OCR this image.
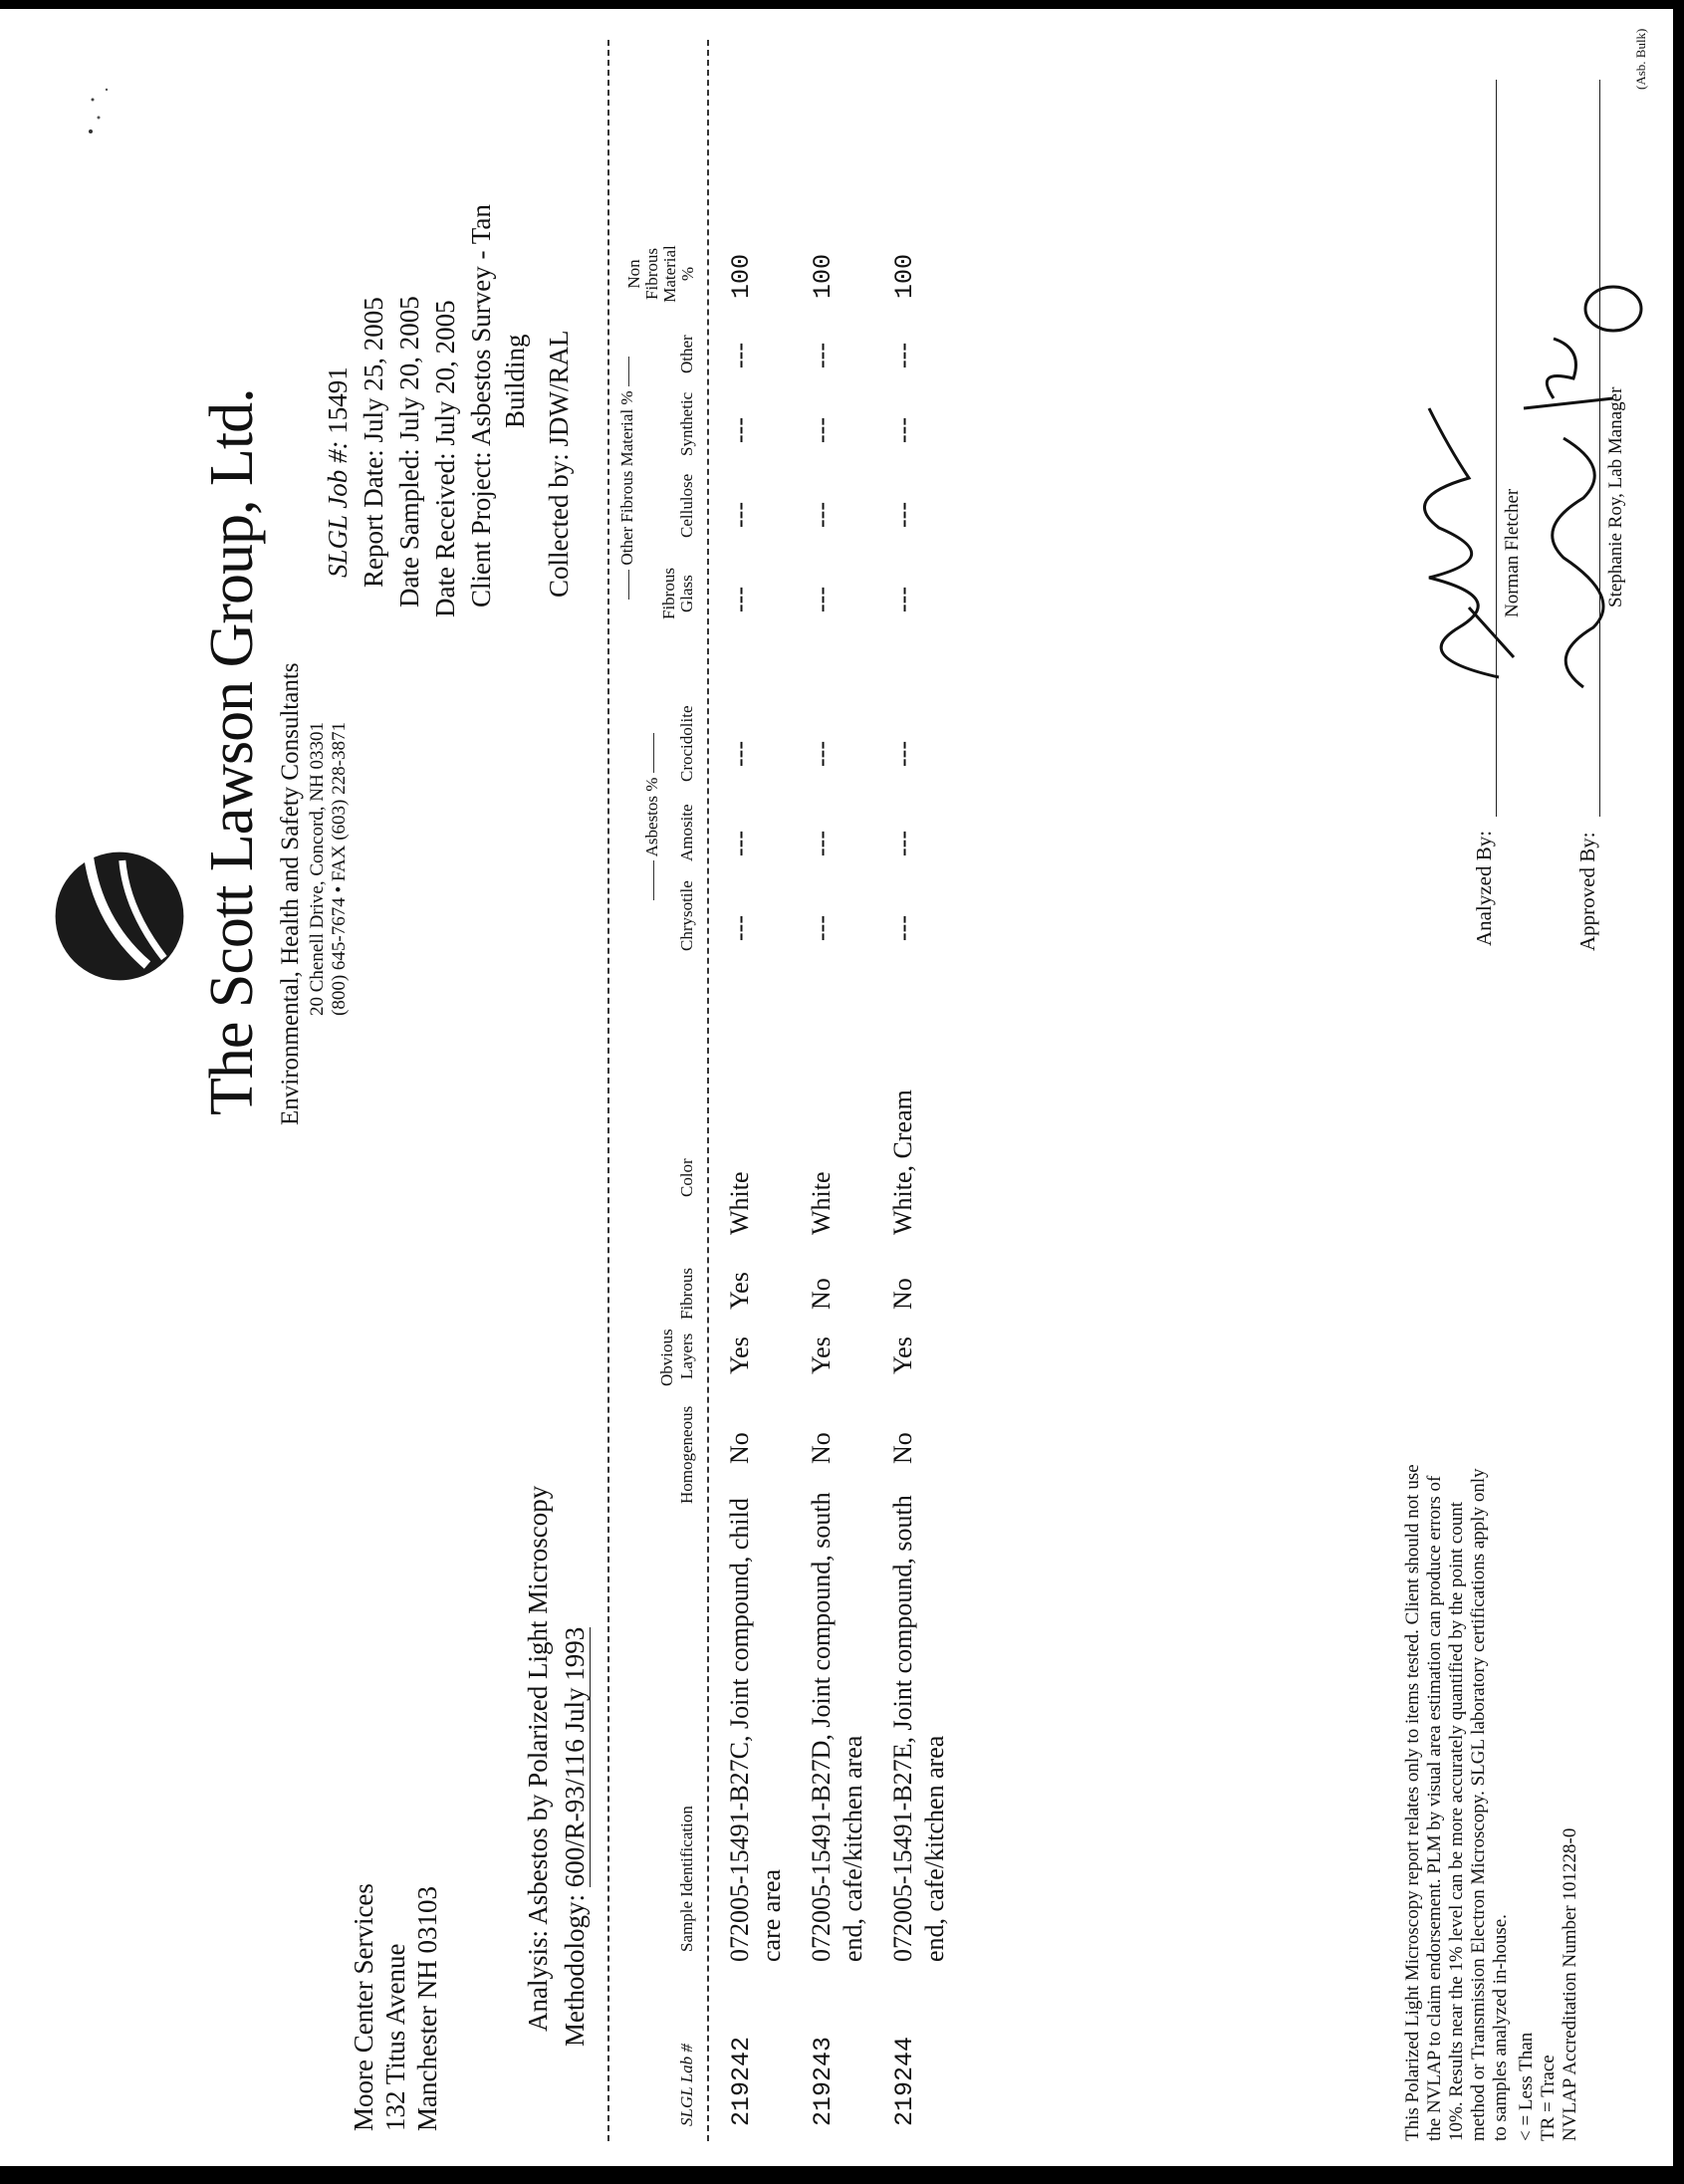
The Scott Lawson Group, Ltd. Environmental, Health and Safety Consultants 20 Chenell Drive, Concord, NH 03301 (800) 645-7674 • FAX (603) 228-3871
Moore Center Services 132 Titus Avenue Manchester NH 03103
SLGL Job #: 15491
Report Date: July 25, 2005
Date Sampled: July 20, 2005
Date Received: July 20, 2005
Client Project: Asbestos Survey - Tan Building
Collected by: JDW/RAL
Analysis: Asbestos by Polarized Light Microscopy
Methodology: 600/R-93/116 July 1993
SLGL Lab #
Sample Identification
Homogeneous
Obvious Layers
Fibrous
Color
Asbestos %
Chrysotile
Amosite
Crocidolite
Other Fibrous Material %
Fibrous Glass
Cellulose
Synthetic
Other
Non Fibrous Material %
219242
072005-15491-B27C, Joint compound, child care area
No
Yes
Yes
White
---
---
---
---
---
---
---
100
219243
072005-15491-B27D, Joint compound, south end, cafe/kitchen area
No
Yes
No
White
---
---
---
---
---
---
---
100
219244
072005-15491-B27E, Joint compound, south end, cafe/kitchen area
No
Yes
No
White, Cream
---
---
---
---
---
---
---
100
This Polarized Light Microscopy report relates only to items tested. Client should not use the NVLAP to claim endorsement. PLM by visual area estimation can produce errors of 10%. Results near the 1% level can be more accurately quantified by the point count method or Transmission Electron Microscopy. SLGL laboratory certifications apply only to samples analyzed in-house. < = Less Than TR = Trace NVLAP Accreditation Number 101228-0
Analyzed By:
Norman Fletcher
Approved By:
Stephanie Roy, Lab Manager
(Asb. Bulk)
